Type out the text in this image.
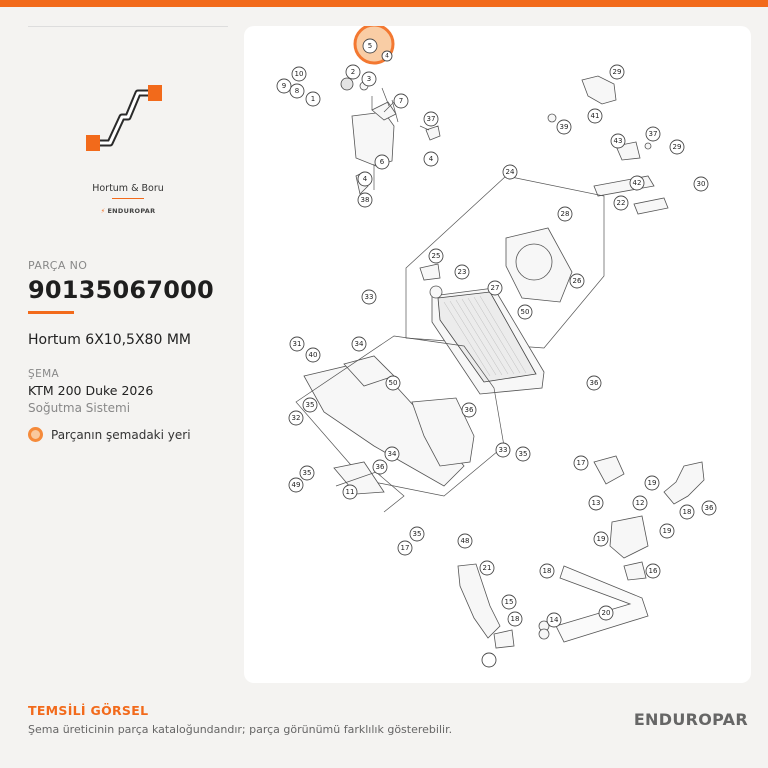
Hortum & Boru
⚡ ENDUROPAR
PARÇA NO
90135067000
Hortum 6X10,5X80 MM
ŞEMA
KTM 200 Duke 2026
Soğutma Sistemi
Parçanın şemadaki yeri
5
4
2
3
10
9
8
1	7
37
4
6
4
38
29
39
41
43
37
29
42	30
22
24
28
25
23
26
27
50
33
31	34
40
50	36
35
32
36
34	33 35
36
35
49
11
17
19
13	12
18 36
35
17
48	19
19
16
21	18
15
18	14
20
TEMSİLİ GÖRSEL
Şema üreticinin parça kataloğundandır; parça görünümü farklılık gösterebilir.
ENDUROPAR
